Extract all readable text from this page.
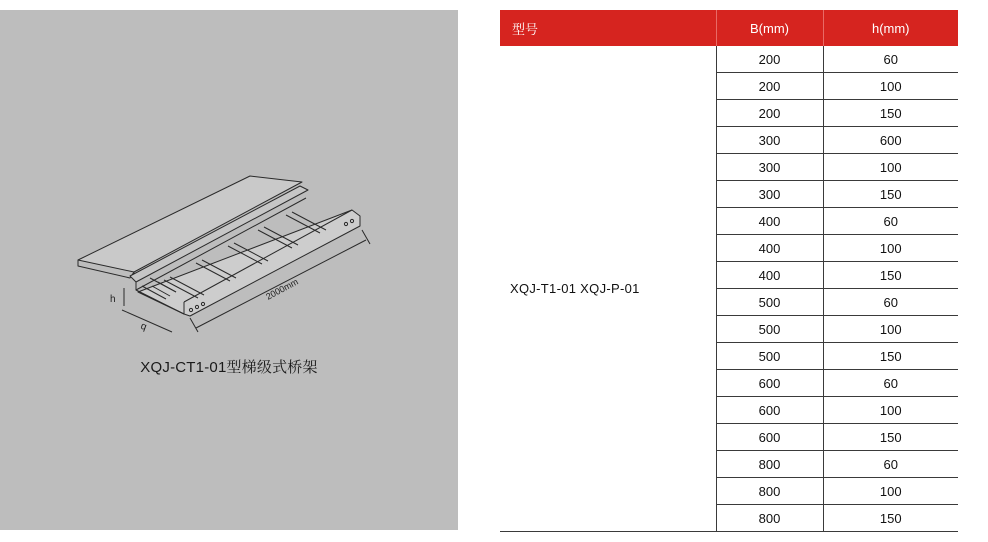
2000mm
h
b
XQJ-CT1-01型梯级式桥架
型号	B(mm)	h(mm)
XQJ-T1-01 XQJ-P-01	200	60
	200	100
	200	150
	300	600
	300	100
	300	150
	400	60
	400	100
	400	150
	500	60
	500	100
	500	150
	600	60
	600	100
	600	150
	800	60
	800	100
	800	150
